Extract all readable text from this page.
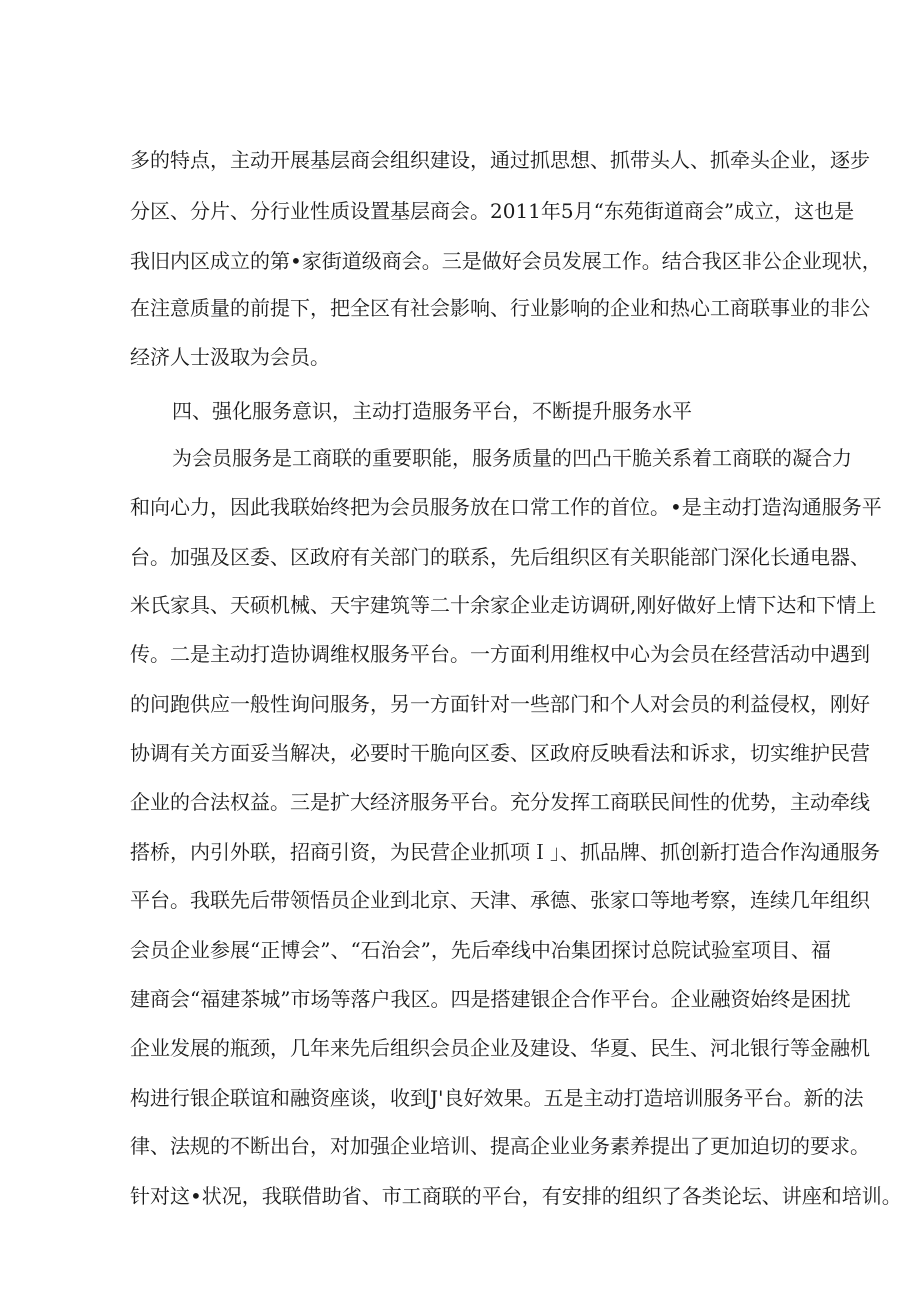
多的特点，主动开展基层商会组织建设，通过抓思想、抓带头人、抓牵头企业，逐步

分区、分片、分行业性质设置基层商会。2011年5月“东苑街道商会”成立，这也是

我旧内区成立的第•家街道级商会。三是做好会员发展工作。结合我区非公企业现状，

在注意质量的前提下，把全区有社会影响、行业影响的企业和热心工商联事业的非公

经济人士汲取为会员。

四、强化服务意识，主动打造服务平台，不断提升服务水平

为会员服务是工商联的重要职能，服务质量的凹凸干脆关系着工商联的凝合力

和向心力，因此我联始终把为会员服务放在口常工作的首位。•是主动打造沟通服务平

台。加强及区委、区政府有关部门的联系，先后组织区有关职能部门深化长通电器、

米氏家具、天硕机械、天宇建筑等二十余家企业走访调研,刚好做好上情下达和下情上

传。二是主动打造协调维权服务平台。一方面利用维权中心为会员在经营活动中遇到

的问跑供应一般性询问服务，另一方面针对一些部门和个人对会员的利益侵权，刚好

协调有关方面妥当解决，必要时干脆向区委、区政府反映看法和诉求，切实维护民营

企业的合法权益。三是扩大经济服务平台。充分发挥工商联民间性的优势，主动牵线

搭桥，内引外联，招商引资，为民营企业抓项Ｉ」、抓品牌、抓创新打造合作沟通服务

平台。我联先后带领悟员企业到北京、天津、承德、张家口等地考察，连续几年组织

会员企业参展“正博会”、“石治会”，先后牵线中冶集团探讨总院试验室项目、福

建商会“福建茶城”市场等落户我区。四是搭建银企合作平台。企业融资始终是困扰

企业发展的瓶颈，几年来先后组织会员企业及建设、华夏、民生、河北银行等金融机

构进行银企联谊和融资座谈，收到J'良好效果。五是主动打造培训服务平台。新的法

律、法规的不断出台，对加强企业培训、提高企业业务素养提出了更加迫切的要求。

针对这•状况，我联借助省、市工商联的平台，有安排的组织了各类论坛、讲座和培训。
